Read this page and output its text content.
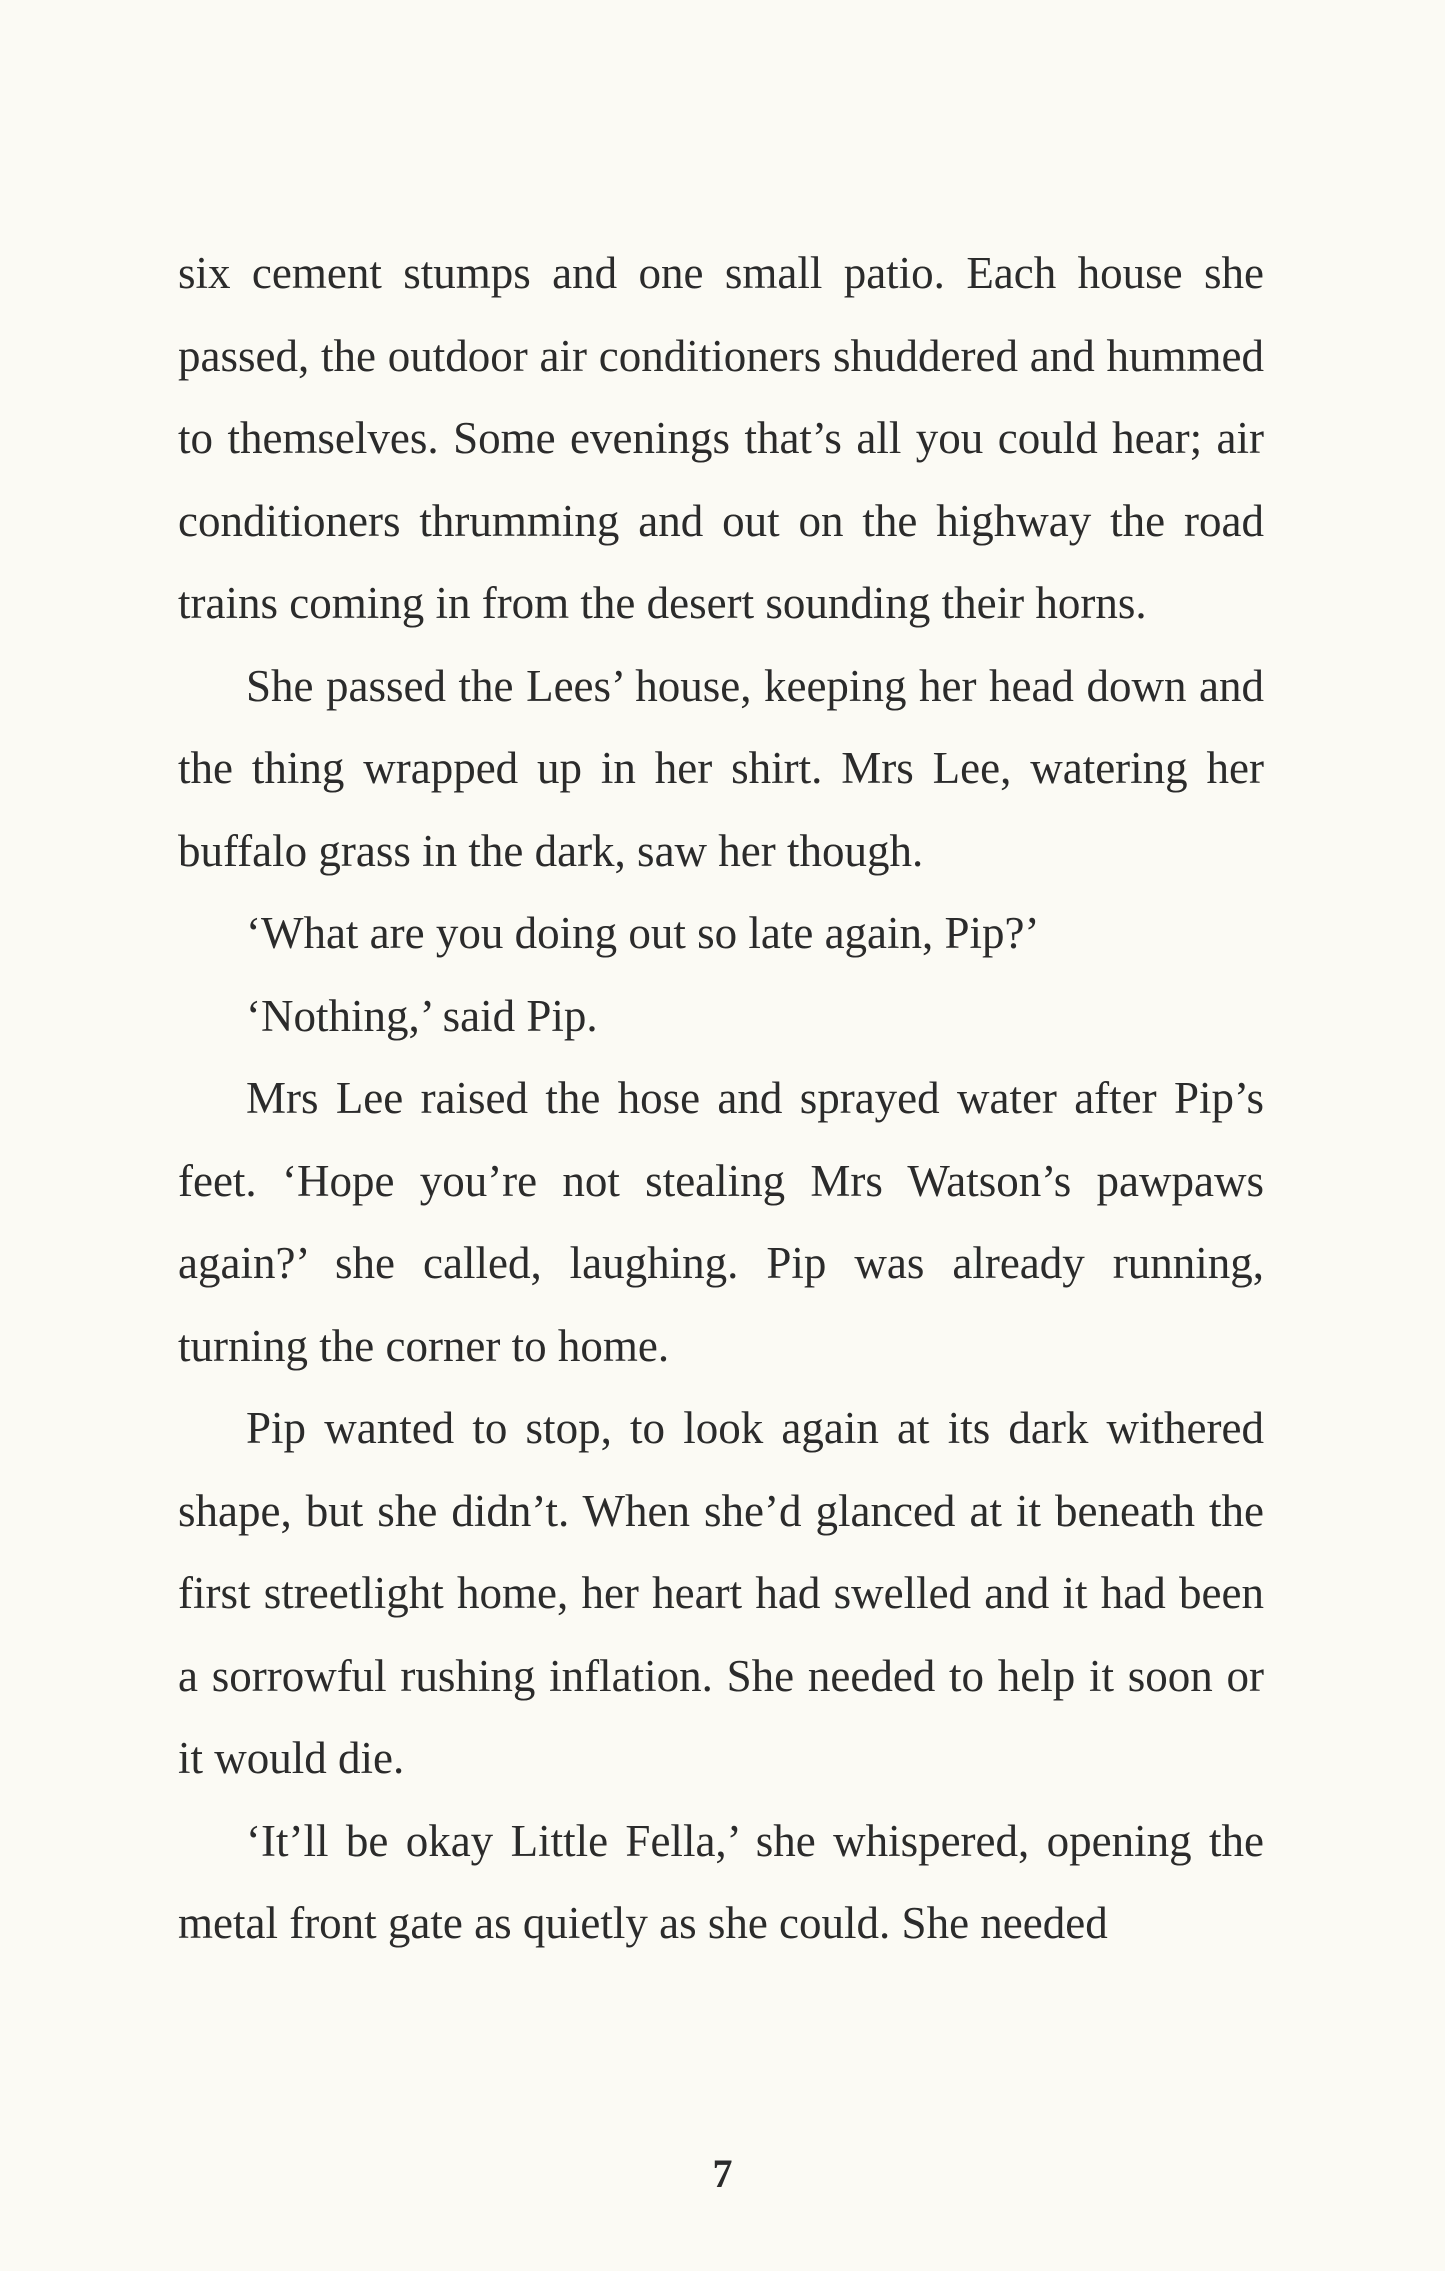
six cement stumps and one small patio. Each house she passed, the outdoor air conditioners shuddered and hummed to themselves. Some evenings that’s all you could hear; air conditioners thrumming and out on the highway the road trains coming in from the desert sounding their horns.

She passed the Lees’ house, keeping her head down and the thing wrapped up in her shirt. Mrs Lee, watering her buffalo grass in the dark, saw her though.

‘What are you doing out so late again, Pip?’

‘Nothing,’ said Pip.

Mrs Lee raised the hose and sprayed water after Pip’s feet. ‘Hope you’re not stealing Mrs Watson’s pawpaws again?’ she called, laughing. Pip was already running, turning the corner to home.

Pip wanted to stop, to look again at its dark withered shape, but she didn’t. When she’d glanced at it beneath the first streetlight home, her heart had swelled and it had been a sorrowful rushing inflation. She needed to help it soon or it would die.

‘It’ll be okay Little Fella,’ she whispered, opening the metal front gate as quietly as she could. She needed

7
